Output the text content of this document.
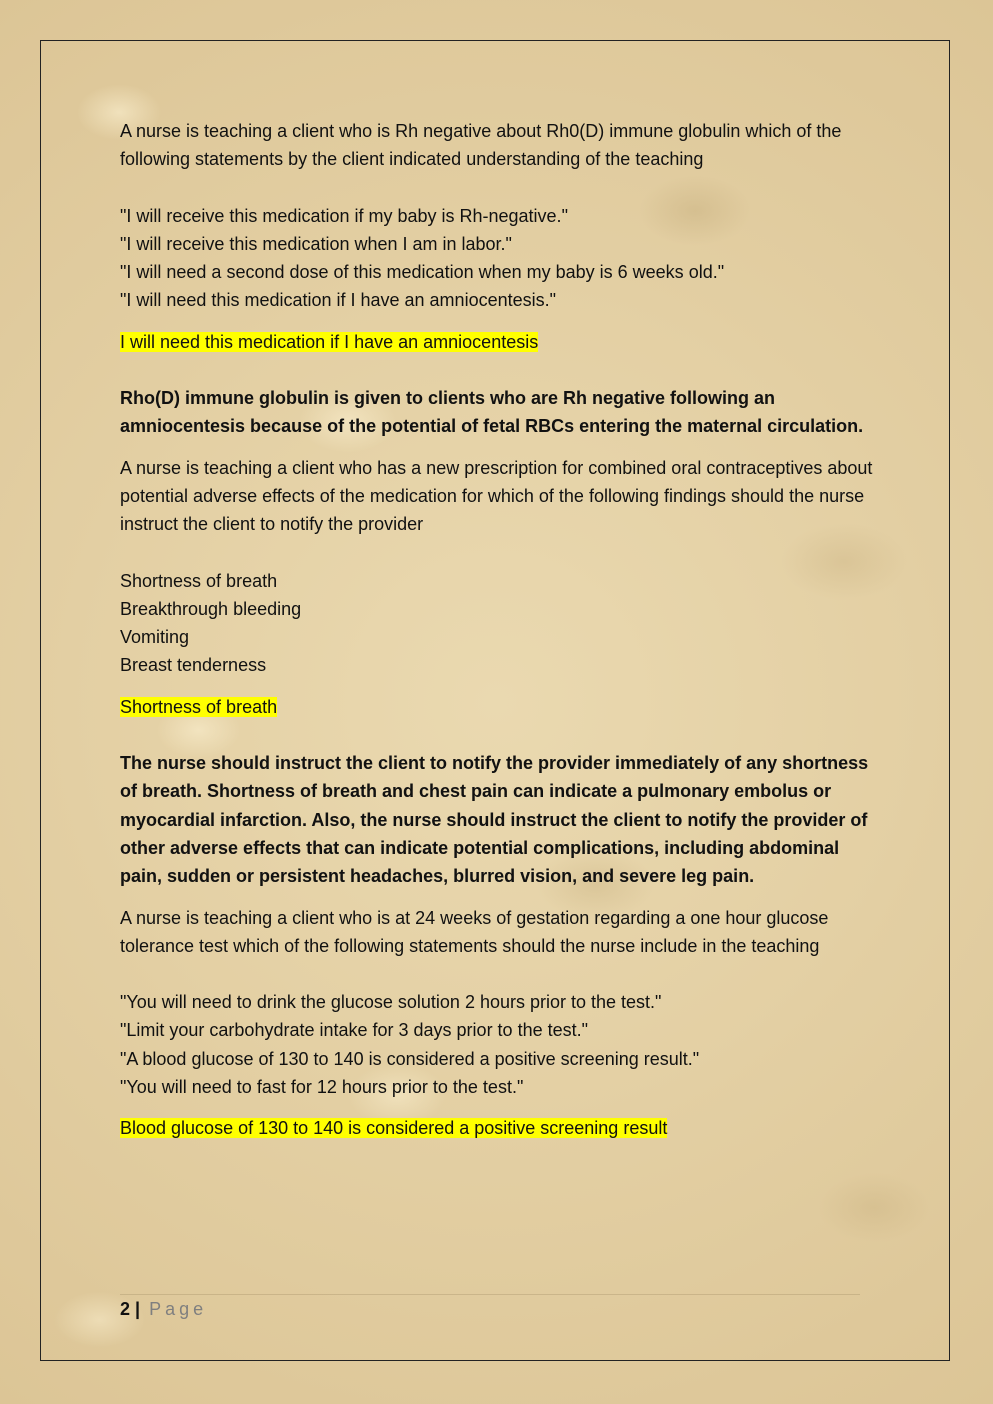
A nurse is teaching a client who is Rh negative about Rh0(D) immune globulin which of the following statements by the client indicated understanding of the teaching

"I will receive this medication if my baby is Rh-negative."

"I will receive this medication when I am in labor."

"I will need a second dose of this medication when my baby is 6 weeks old."

"I will need this medication if I have an amniocentesis."

I will need this medication if I have an amniocentesis

Rho(D) immune globulin is given to clients who are Rh negative following an amniocentesis because of the potential of fetal RBCs entering the maternal circulation.

A nurse is teaching a client who has a new prescription for combined oral contraceptives about potential adverse effects of the medication for which of the following findings should the nurse instruct the client to notify the provider

Shortness of breath

Breakthrough bleeding

Vomiting

Breast tenderness

Shortness of breath

The nurse should instruct the client to notify the provider immediately of any shortness of breath. Shortness of breath and chest pain can indicate a pulmonary embolus or myocardial infarction. Also, the nurse should instruct the client to notify the provider of other adverse effects that can indicate potential complications, including abdominal pain, sudden or persistent headaches, blurred vision, and severe leg pain.

A nurse is teaching a client who is at 24 weeks of gestation regarding a one hour glucose tolerance test which of the following statements should the nurse include in the teaching

"You will need to drink the glucose solution 2 hours prior to the test."

"Limit your carbohydrate intake for 3 days prior to the test."

"A blood glucose of 130 to 140 is considered a positive screening result."

"You will need to fast for 12 hours prior to the test."

Blood glucose of 130 to 140 is considered a positive screening result

2 | Page
